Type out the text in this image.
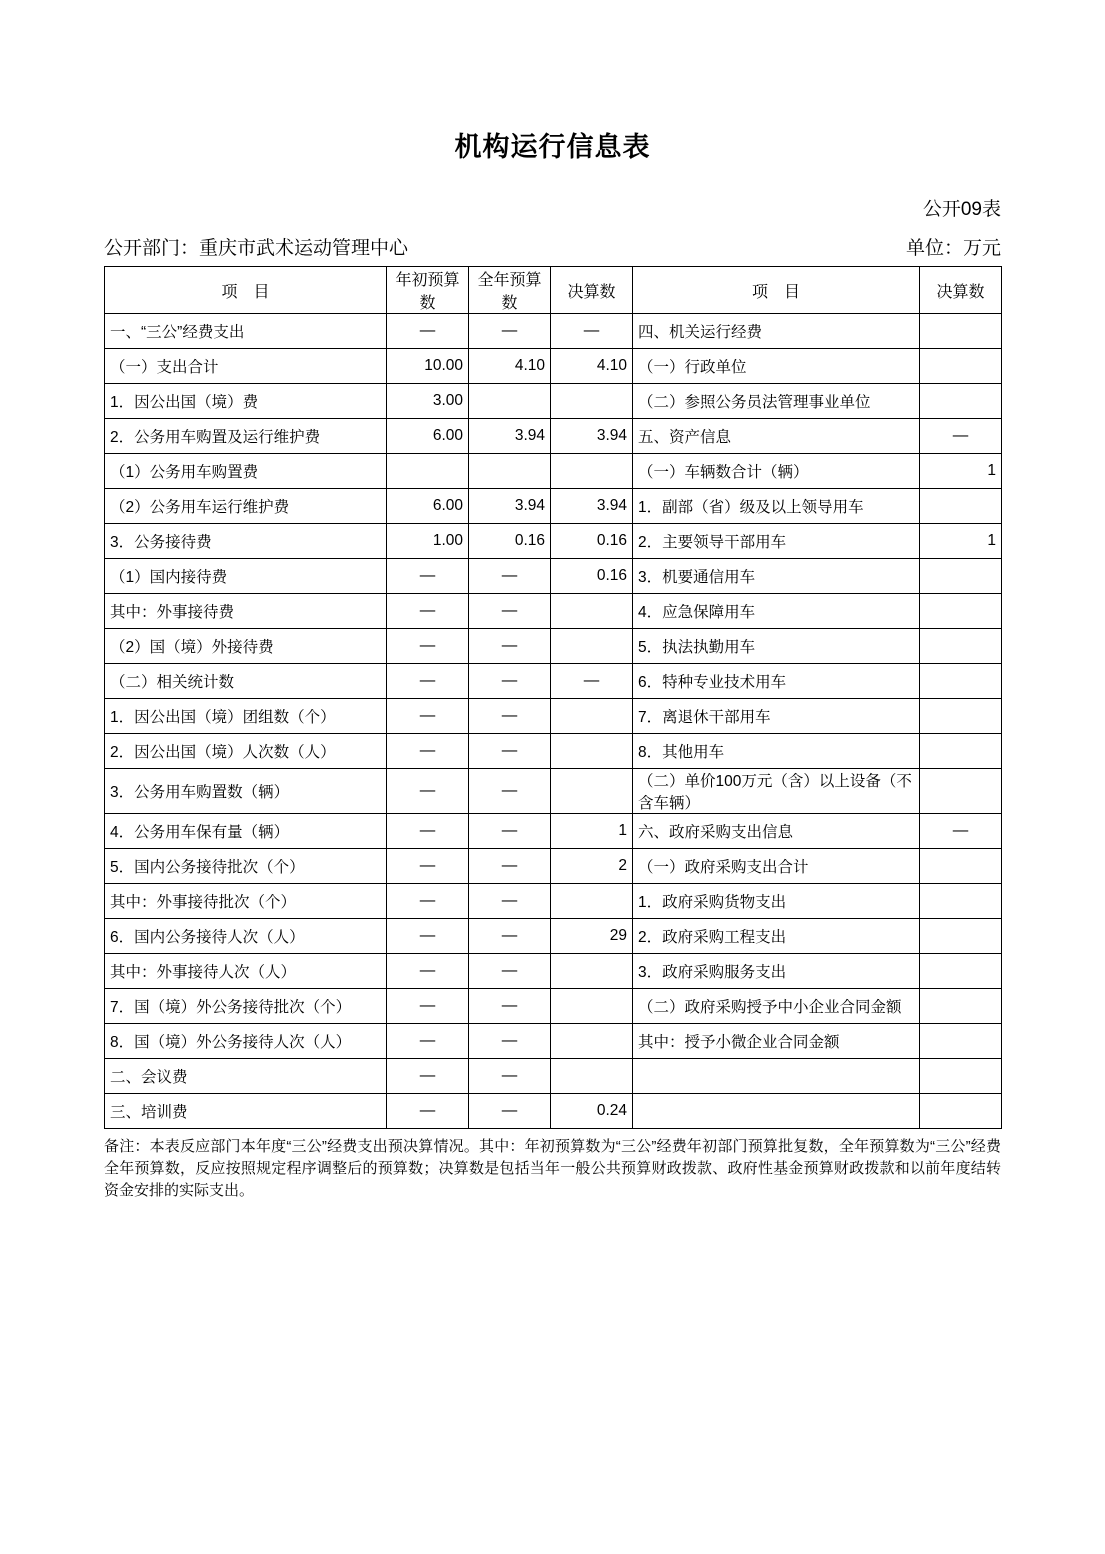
机构运行信息表
公开09表
公开部门：重庆市武术运动管理中心	单位：万元
项　目	年初预算数	全年预算数	决算数	项　目	决算数
一、“三公”经费支出	—	—	—	四、机关运行经费	
（一）支出合计	10.00	4.10	4.10	（一）行政单位	
1．因公出国（境）费	3.00			（二）参照公务员法管理事业单位	
2．公务用车购置及运行维护费	6.00	3.94	3.94	五、资产信息	—
（1）公务用车购置费				（一）车辆数合计（辆）	1
（2）公务用车运行维护费	6.00	3.94	3.94	1．副部（省）级及以上领导用车	
3．公务接待费	1.00	0.16	0.16	2．主要领导干部用车	1
（1）国内接待费	—	—	0.16	3．机要通信用车	
其中：外事接待费	—	—		4．应急保障用车	
（2）国（境）外接待费	—	—		5．执法执勤用车	
（二）相关统计数	—	—	—	6．特种专业技术用车	
1．因公出国（境）团组数（个）	—	—		7．离退休干部用车	
2．因公出国（境）人次数（人）	—	—		8．其他用车	
3．公务用车购置数（辆）	—	—		（二）单价100万元（含）以上设备（不含车辆）	
4．公务用车保有量（辆）	—	—	1	六、政府采购支出信息	—
5．国内公务接待批次（个）	—	—	2	（一）政府采购支出合计	
其中：外事接待批次（个）	—	—		1．政府采购货物支出	
6．国内公务接待人次（人）	—	—	29	2．政府采购工程支出	
其中：外事接待人次（人）	—	—		3．政府采购服务支出	
7．国（境）外公务接待批次（个）	—	—		（二）政府采购授予中小企业合同金额	
8．国（境）外公务接待人次（人）	—	—		其中：授予小微企业合同金额	
二、会议费	—	—			
三、培训费	—	—	0.24		
备注：本表反应部门本年度“三公”经费支出预决算情况。其中：年初预算数为“三公”经费年初部门预算批复数，全年预算数为“三公”经费全年预算数，反应按照规定程序调整后的预算数；决算数是包括当年一般公共预算财政拨款、政府性基金预算财政拨款和以前年度结转资金安排的实际支出。
